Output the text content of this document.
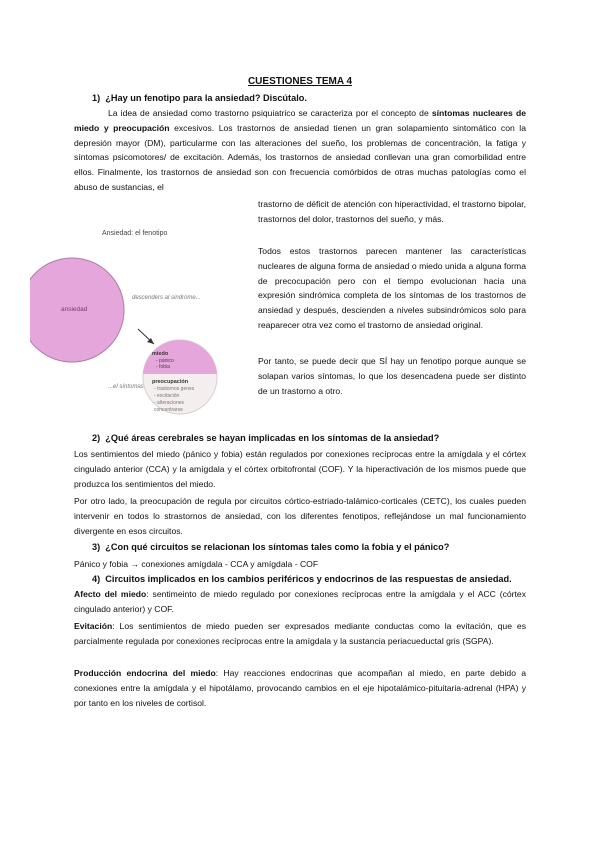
CUESTIONES TEMA 4
1) ¿Hay un fenotipo para la ansiedad? Discútalo.

La idea de ansiedad como trastorno psiquiatrico se caracteriza por el concepto de síntomas nucleares de miedo y preocupación excesivos. Los trastornos de ansiedad tienen un gran solapamiento sintomático con la depresión mayor (DM), particularme con las alteraciones del sueño, los problemas de concentración, la fatiga y síntomas psicomotores/ de excitación. Además, los trastornos de ansiedad conllevan una gran comorbilidad entre ellos. Finalmente, los trastornos de ansiedad son con frecuencia comórbidos de otras muchas patologías como el abuso de sustancias, el

trastorno de déficit de atención con hiperactividad, el trastorno bipolar, trastornos del dolor, trastornos del sueño, y más.

Todos estos trastornos parecen mantener las características nucleares de alguna forma de ansiedad o miedo unida a alguna forma de precocupación pero con el tiempo evolucionan hacia una expresión sindrómica completa de los síntomas de los trastornos de ansiedad y después, descienden a niveles subsindrómicos solo para reaparecer otra vez como el trastorno de ansiedad original.

Por tanto, se puede decir que SÍ hay un fenotipo porque aunque se solapan varios síntomas, lo que los desencadena puede ser distinto de un trastorno a otro.

Ansiedad: el fenotipo
ansiedad
descenders al sindrome...
...el síntomas
miedo
- pánico
- fobia
preocupación
- trastornos genes
- excitación
- alteraciones
concentrarse
2) ¿Qué áreas cerebrales se hayan implicadas en los síntomas de la ansiedad?

Los sentimientos del miedo (pánico y fobia) están regulados por conexiones recíprocas entre la amígdala y el córtex cingulado anterior (CCA) y la amígdala y el córtex orbitofrontal (COF). Y la hiperactivación de los mismos puede que produzca los sentimientos del miedo.

Por otro lado, la preocupación de regula por circuitos córtico-estriado-talámico-corticales (CETC), los cuales pueden intervenir en todos lo strastornos de ansiedad, con los diferentes fenotipos, reflejándose un mal funcionamiento divergente en esos circuitos.

3) ¿Con qué circuitos se relacionan los síntomas tales como la fobia y el pánico?
Pánico y fobia → conexiones amígdala - CCA y amígdala - COF
4) Circuitos implicados en los cambios periféricos y endocrinos de las respuestas de ansiedad.

Afecto del miedo: sentimeinto de miedo regulado por conexiones recíprocas entre la amígdala y el ACC (córtex cingulado anterior) y COF.

Evitación: Los sentimientos de miedo pueden ser expresados mediante conductas como la evitación, que es parcialmente regulada por conexiones recíprocas entre la amígdala y la sustancia periacueductal gris (SGPA).

Producción endocrina del miedo: Hay reacciones endocrinas que acompañan al miedo, en parte debido a conexiones entre la amígdala y el hipotálamo, provocando cambios en el eje hipotalámico-pituitaria-adrenal (HPA) y por tanto en los niveles de cortisol.
